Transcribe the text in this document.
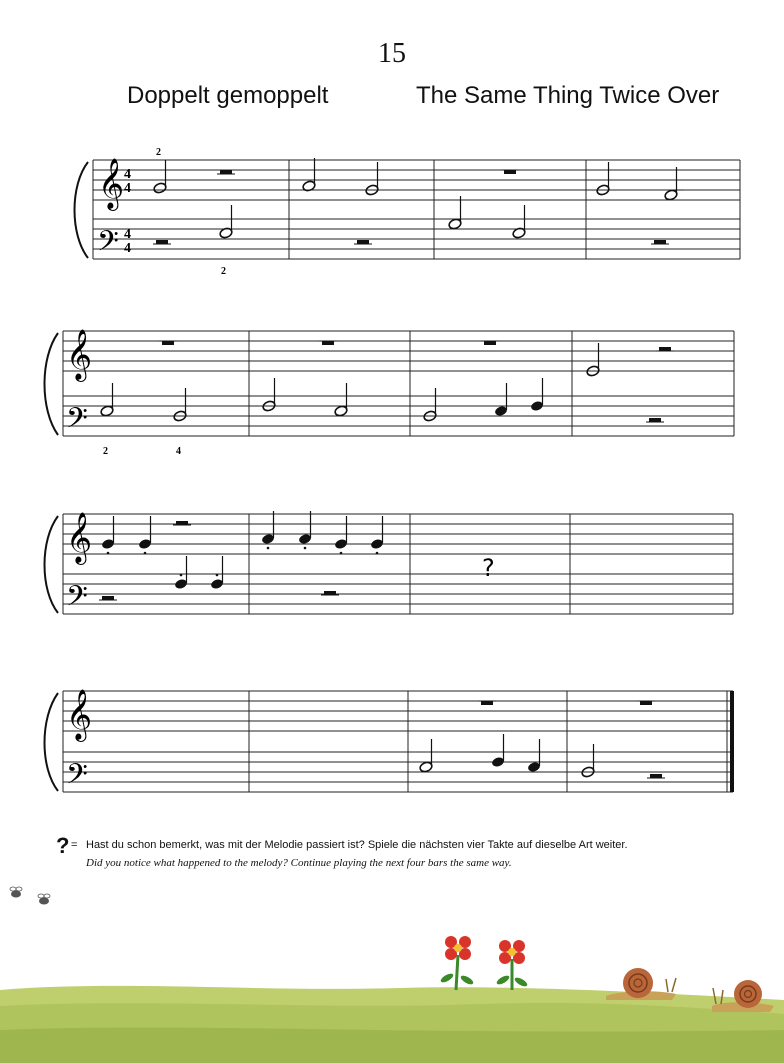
15
Doppelt gemoppelt	The Same Thing Twice Over
𝄞
𝄢
4
4
4
4
2
2
𝄞
𝄢
2	4
𝄞
𝄢
?
𝄞
𝄢
? = Hast du schon bemerkt, was mit der Melodie passiert ist? Spiele die nächsten vier Takte auf dieselbe Art weiter.
Did you notice what happened to the melody? Continue playing the next four bars the same way.
